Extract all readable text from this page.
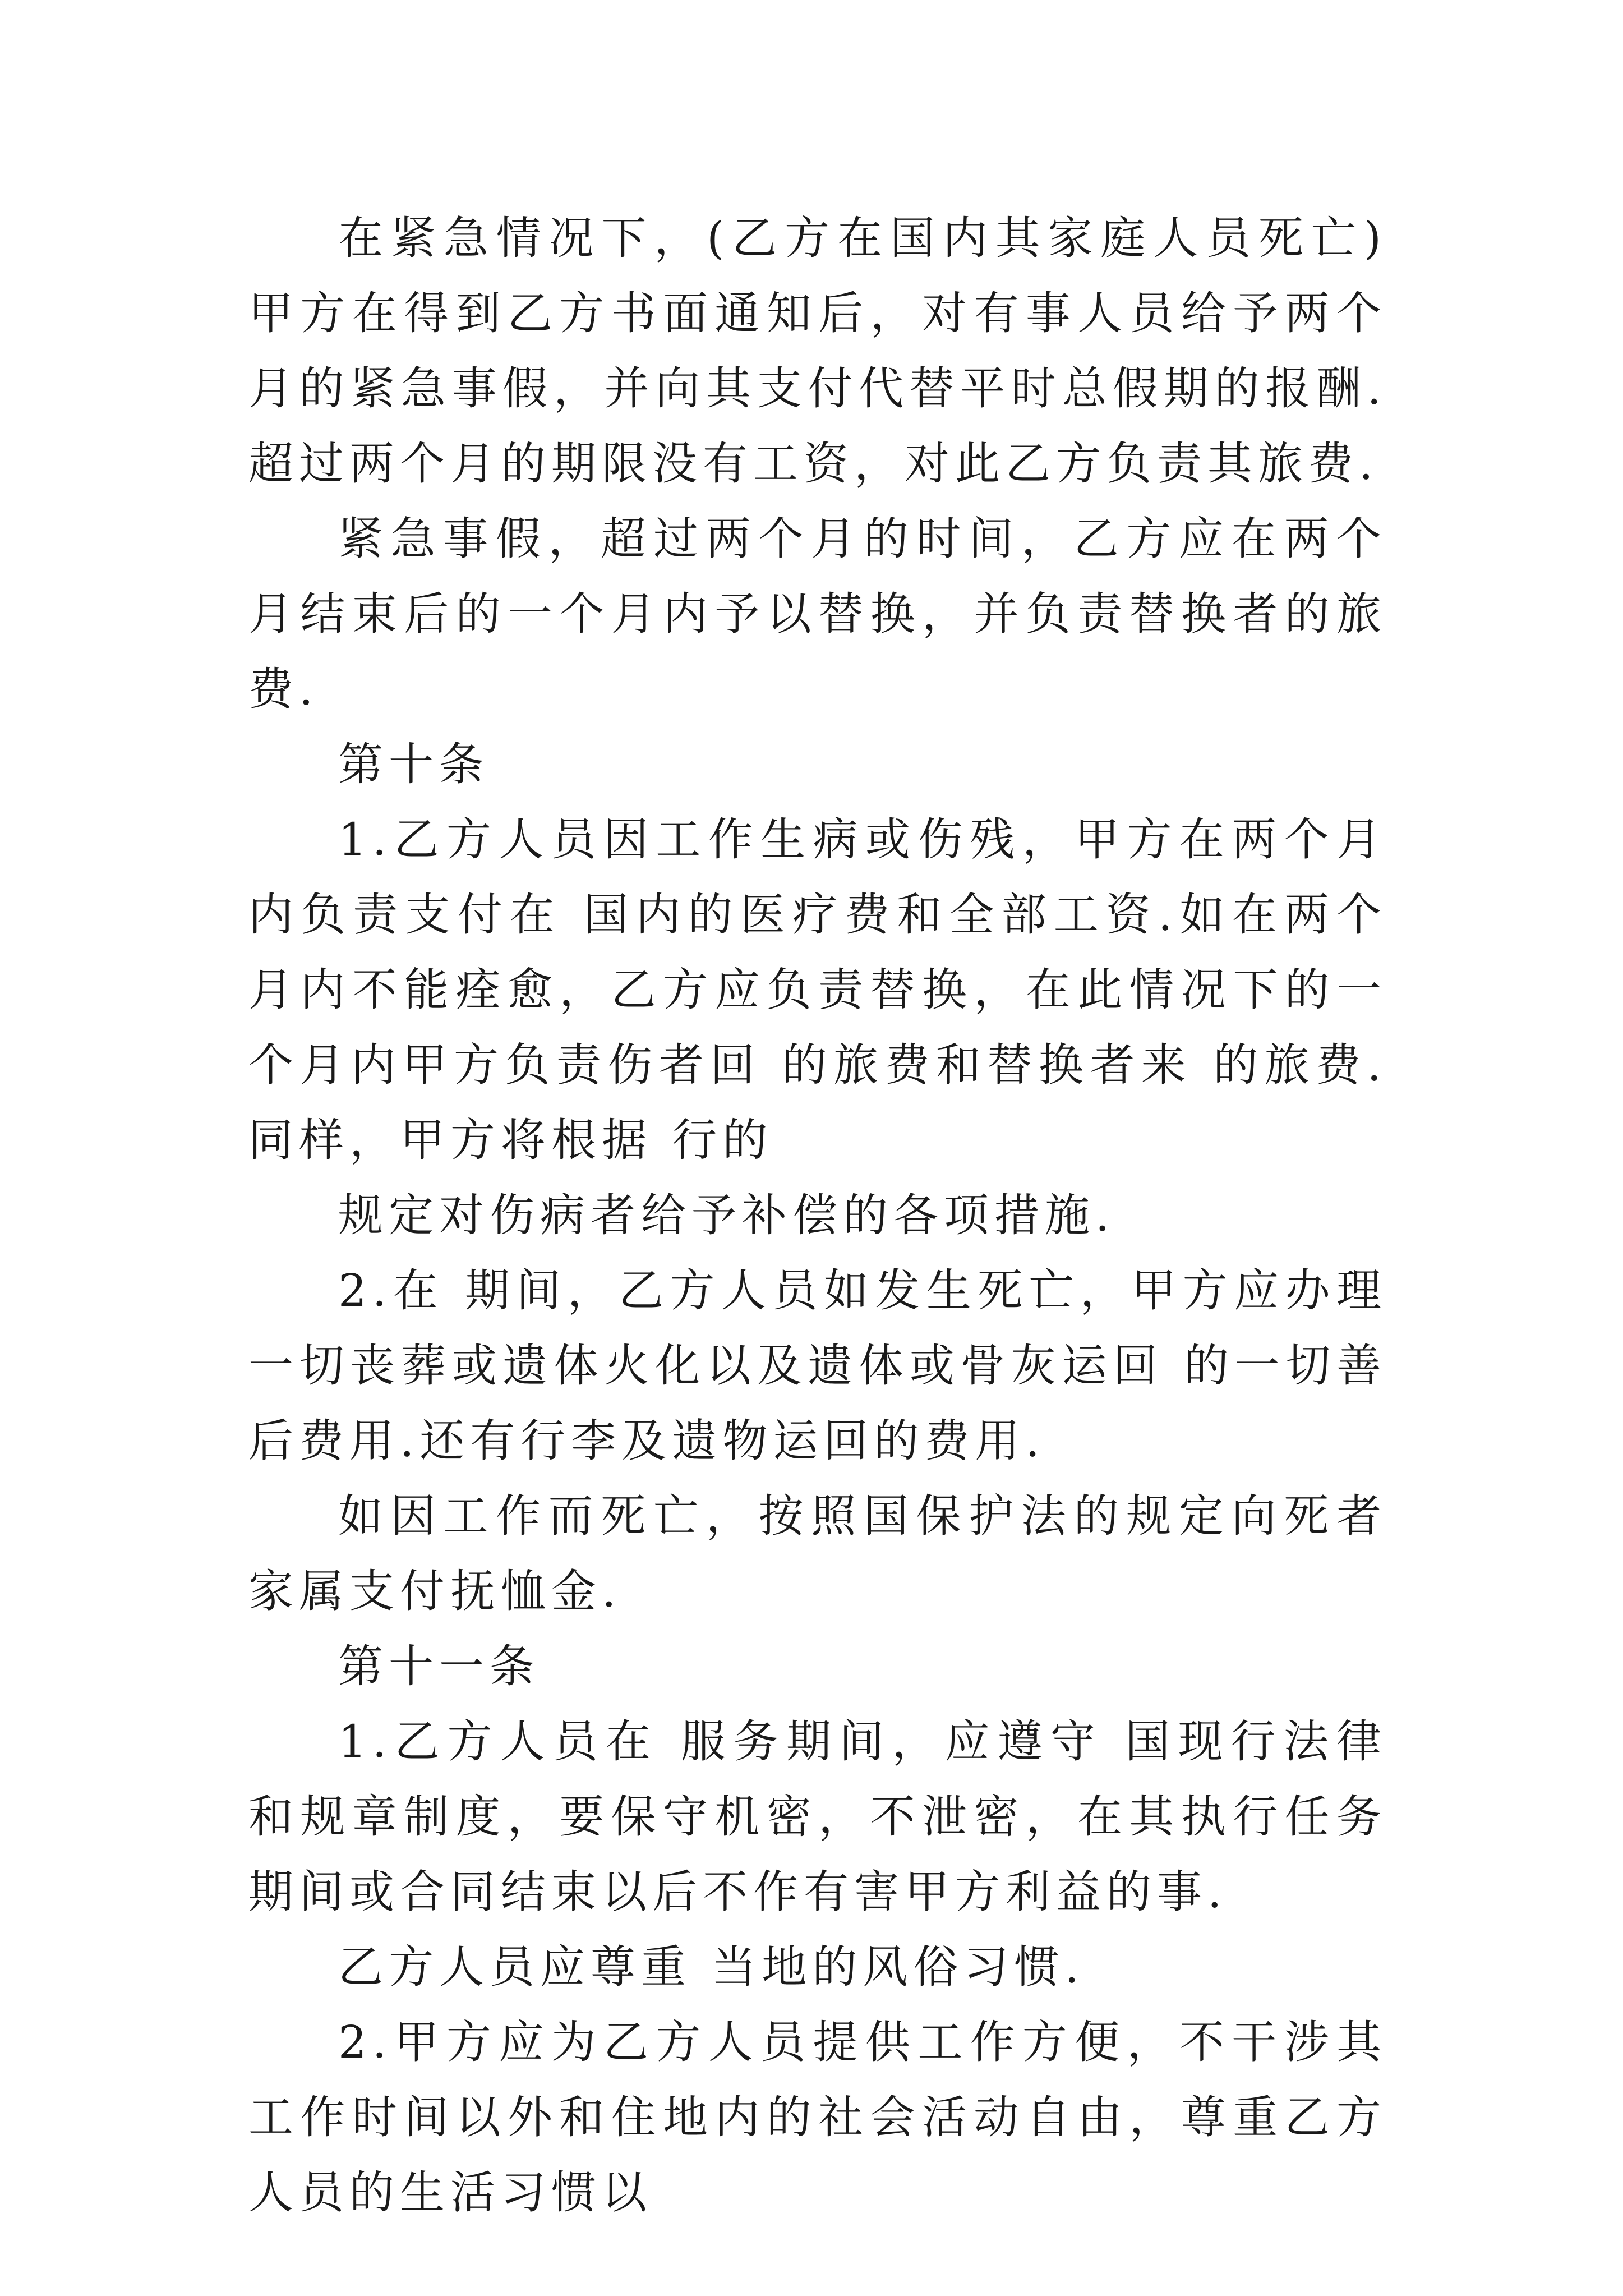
在紧急情况下，(乙方在国内其家庭人员死亡)甲方在得到乙方书面通知后，对有事人员给予两个月的紧急事假，并向其支付代替平时总假期的报酬.超过两个月的期限没有工资，对此乙方负责其旅费.

紧急事假，超过两个月的时间，乙方应在两个月结束后的一个月内予以替换，并负责替换者的旅费.

第十条

1.乙方人员因工作生病或伤残，甲方在两个月内负责支付在 国内的医疗费和全部工资.如在两个月内不能痊愈，乙方应负责替换，在此情况下的一个月内甲方负责伤者回 的旅费和替换者来 的旅费.同样，甲方将根据 行的

规定对伤病者给予补偿的各项措施.

2.在 期间，乙方人员如发生死亡，甲方应办理一切丧葬或遗体火化以及遗体或骨灰运回 的一切善后费用.还有行李及遗物运回的费用.

如因工作而死亡，按照国保护法的规定向死者家属支付抚恤金.

第十一条

1.乙方人员在 服务期间，应遵守 国现行法律和规章制度，要保守机密，不泄密，在其执行任务期间或合同结束以后不作有害甲方利益的事.

乙方人员应尊重 当地的风俗习惯.

2.甲方应为乙方人员提供工作方便，不干涉其工作时间以外和住地内的社会活动自由，尊重乙方人员的生活习惯以
